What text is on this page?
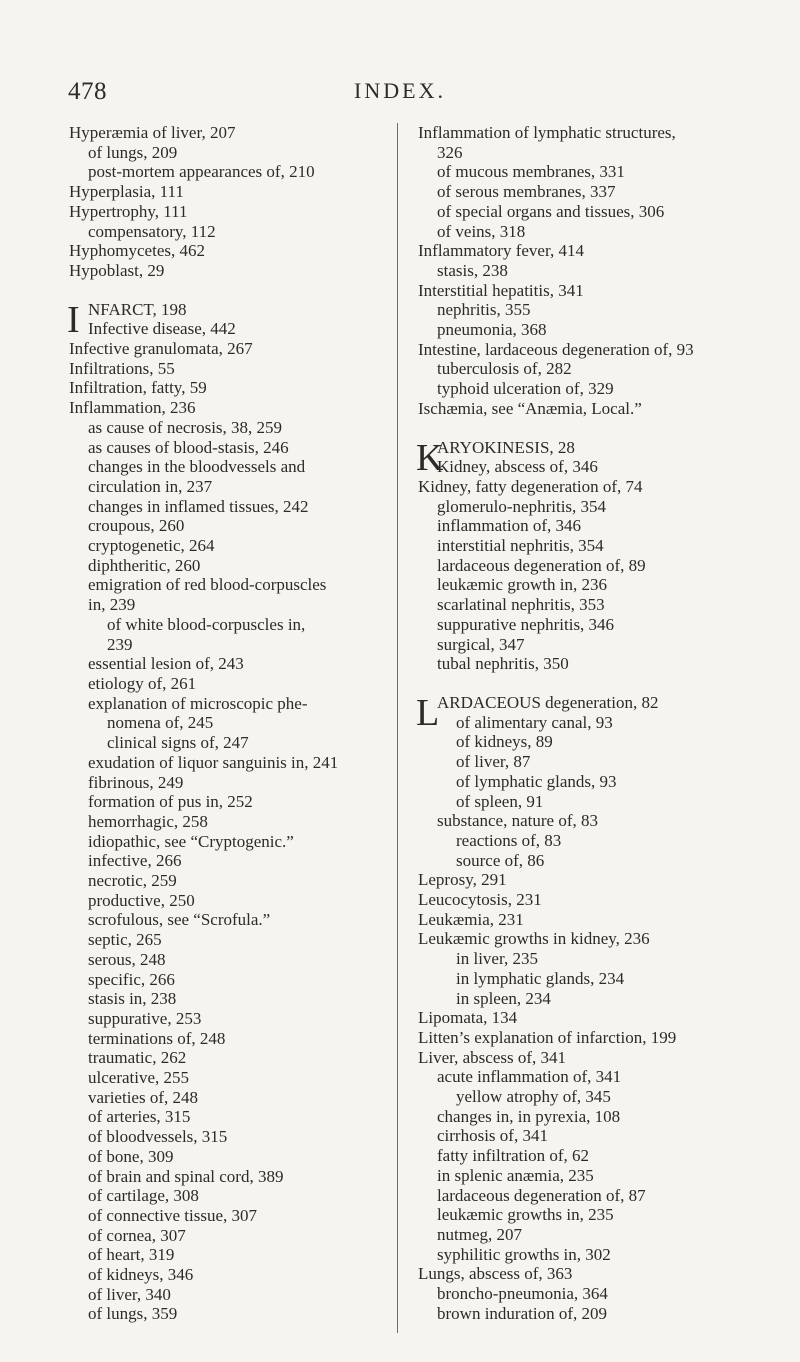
478	INDEX.
Hyperæmia of liver, 207
of lungs, 209
post-mortem appearances of, 210
Hyperplasia, 111
Hypertrophy, 111
compensatory, 112
Hyphomycetes, 462
Hypoblast, 29
I NFARCT, 198
Infective disease, 442
Infective granulomata, 267
Infiltrations, 55
Infiltration, fatty, 59
Inflammation, 236
as cause of necrosis, 38, 259
as causes of blood-stasis, 246
changes in the bloodvessels and
circulation in, 237
changes in inflamed tissues, 242
croupous, 260
cryptogenetic, 264
diphtheritic, 260
emigration of red blood-corpuscles
in, 239
of white blood-corpuscles in,
239
essential lesion of, 243
etiology of, 261
explanation of microscopic phe-
nomena of, 245
clinical signs of, 247
exudation of liquor sanguinis in, 241
fibrinous, 249
formation of pus in, 252
hemorrhagic, 258
idiopathic, see “Cryptogenic.”
infective, 266
necrotic, 259
productive, 250
scrofulous, see “Scrofula.”
septic, 265
serous, 248
specific, 266
stasis in, 238
suppurative, 253
terminations of, 248
traumatic, 262
ulcerative, 255
varieties of, 248
of arteries, 315
of bloodvessels, 315
of bone, 309
of brain and spinal cord, 389
of cartilage, 308
of connective tissue, 307
of cornea, 307
of heart, 319
of kidneys, 346
of liver, 340
of lungs, 359
Inflammation of lymphatic structures,
326
of mucous membranes, 331
of serous membranes, 337
of special organs and tissues, 306
of veins, 318
Inflammatory fever, 414
stasis, 238
Interstitial hepatitis, 341
nephritis, 355
pneumonia, 368
Intestine, lardaceous degeneration of, 93
tuberculosis of, 282
typhoid ulceration of, 329
Ischæmia, see “Anæmia, Local.”
K
ARYOKINESIS, 28
Kidney, abscess of, 346
Kidney, fatty degeneration of, 74
glomerulo-nephritis, 354
inflammation of, 346
interstitial nephritis, 354
lardaceous degeneration of, 89
leukæmic growth in, 236
scarlatinal nephritis, 353
suppurative nephritis, 346
surgical, 347
tubal nephritis, 350
L
ARDACEOUS degeneration, 82
of alimentary canal, 93
of kidneys, 89
of liver, 87
of lymphatic glands, 93
of spleen, 91
substance, nature of, 83
reactions of, 83
source of, 86
Leprosy, 291
Leucocytosis, 231
Leukæmia, 231
Leukæmic growths in kidney, 236
in liver, 235
in lymphatic glands, 234
in spleen, 234
Lipomata, 134
Litten’s explanation of infarction, 199
Liver, abscess of, 341
acute inflammation of, 341
yellow atrophy of, 345
changes in, in pyrexia, 108
cirrhosis of, 341
fatty infiltration of, 62
in splenic anæmia, 235
lardaceous degeneration of, 87
leukæmic growths in, 235
nutmeg, 207
syphilitic growths in, 302
Lungs, abscess of, 363
broncho-pneumonia, 364
brown induration of, 209
